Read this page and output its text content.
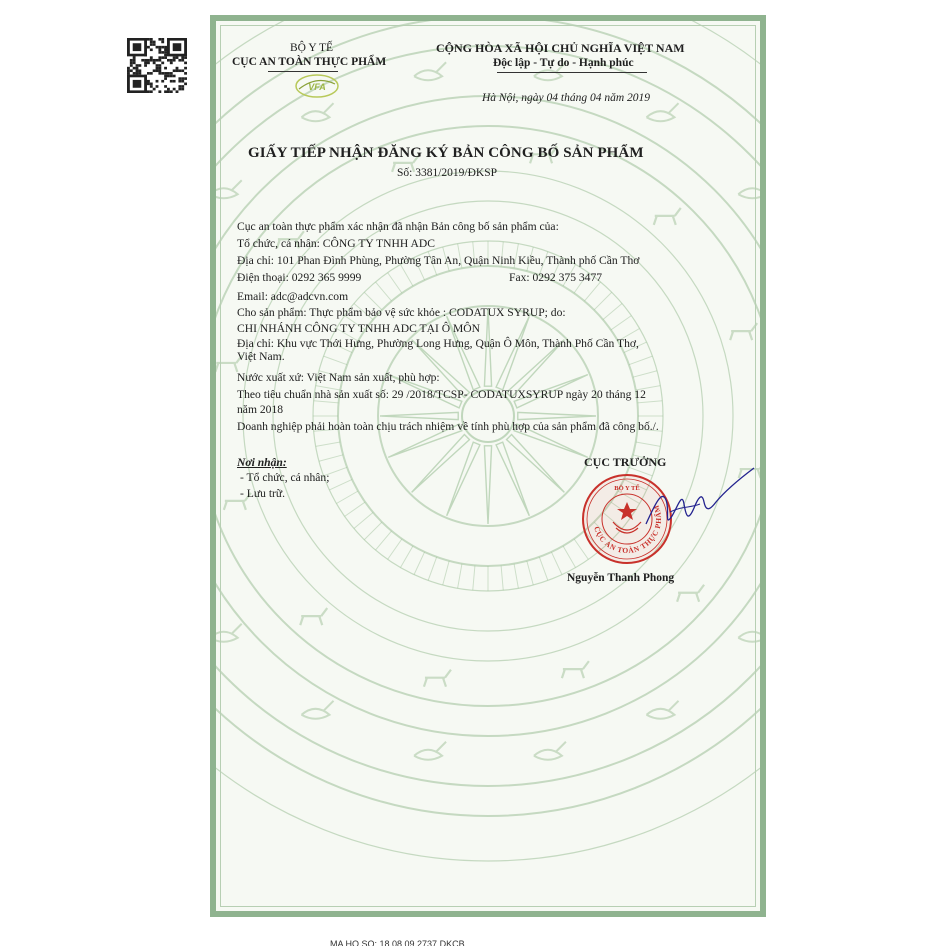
BỘ Y TẾ
CỤC AN TOÀN THỰC PHẨM
VFA
CỘNG HÒA XÃ HỘI CHỦ NGHĨA VIỆT NAM
Độc lập - Tự do - Hạnh phúc
Hà Nội, ngày 04 tháng 04 năm 2019
GIẤY TIẾP NHẬN ĐĂNG KÝ BẢN CÔNG BỐ SẢN PHẨM
Số: 3381/2019/ĐKSP
Cục an toàn thực phẩm xác nhận đã nhận Bản công bố sản phẩm của:
Tổ chức, cá nhân: CÔNG TY TNHH ADC
Địa chỉ: 101 Phan Đình Phùng, Phường Tân An, Quận Ninh Kiều, Thành phố Cần Thơ
Điện thoại: 0292 365 9999	Fax: 0292 375 3477
Email: adc@adcvn.com
Cho sản phẩm: Thực phẩm bảo vệ sức khỏe : CODATUX SYRUP; do:
CHI NHÁNH CÔNG TY TNHH ADC TẠI Ô MÔN
Địa chỉ: Khu vực Thới Hưng, Phường Long Hưng, Quận Ô Môn, Thành Phố Cần Thơ,
Việt Nam.
Nước xuất xứ: Việt Nam sản xuất, phù hợp:
Theo tiêu chuẩn nhà sản xuất số: 29 /2018/TCSP- CODATUXSYRUP ngày 20 tháng 12
năm 2018
Doanh nghiệp phải hoàn toàn chịu trách nhiệm về tính phù hợp của sản phẩm đã công bố./.
Nơi nhận:
- Tổ chức, cá nhân;
- Lưu trữ.
CỤC TRƯỞNG
CỤC AN TOÀN THỰC PHẨM
BỘ Y TẾ
Nguyễn Thanh Phong
MA HO SO: 18.08.09.2737.DKCB
